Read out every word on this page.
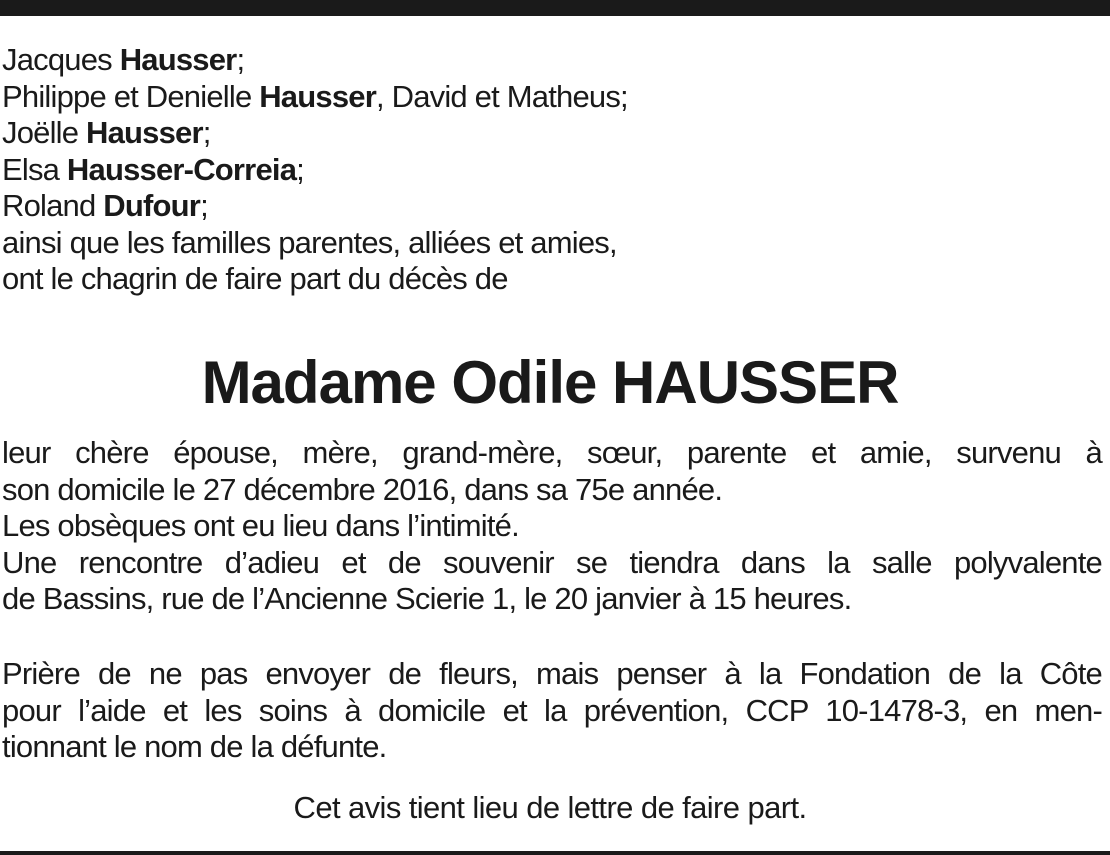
Jacques Hausser;
Philippe et Denielle Hausser, David et Matheus;
Joëlle Hausser;
Elsa Hausser-Correia;
Roland Dufour;
ainsi que les familles parentes, alliées et amies,
ont le chagrin de faire part du décès de
Madame Odile HAUSSER
leur chère épouse, mère, grand-mère, sœur, parente et amie, survenu à
son domicile le 27 décembre 2016, dans sa 75e année.
Les obsèques ont eu lieu dans l’intimité.
Une rencontre d’adieu et de souvenir se tiendra dans la salle polyvalente
de Bassins, rue de l’Ancienne Scierie 1, le 20 janvier à 15 heures.
Prière de ne pas envoyer de fleurs, mais penser à la Fondation de la Côte
pour l’aide et les soins à domicile et la prévention, CCP 10-1478-3, en men-
tionnant le nom de la défunte.
Cet avis tient lieu de lettre de faire part.
